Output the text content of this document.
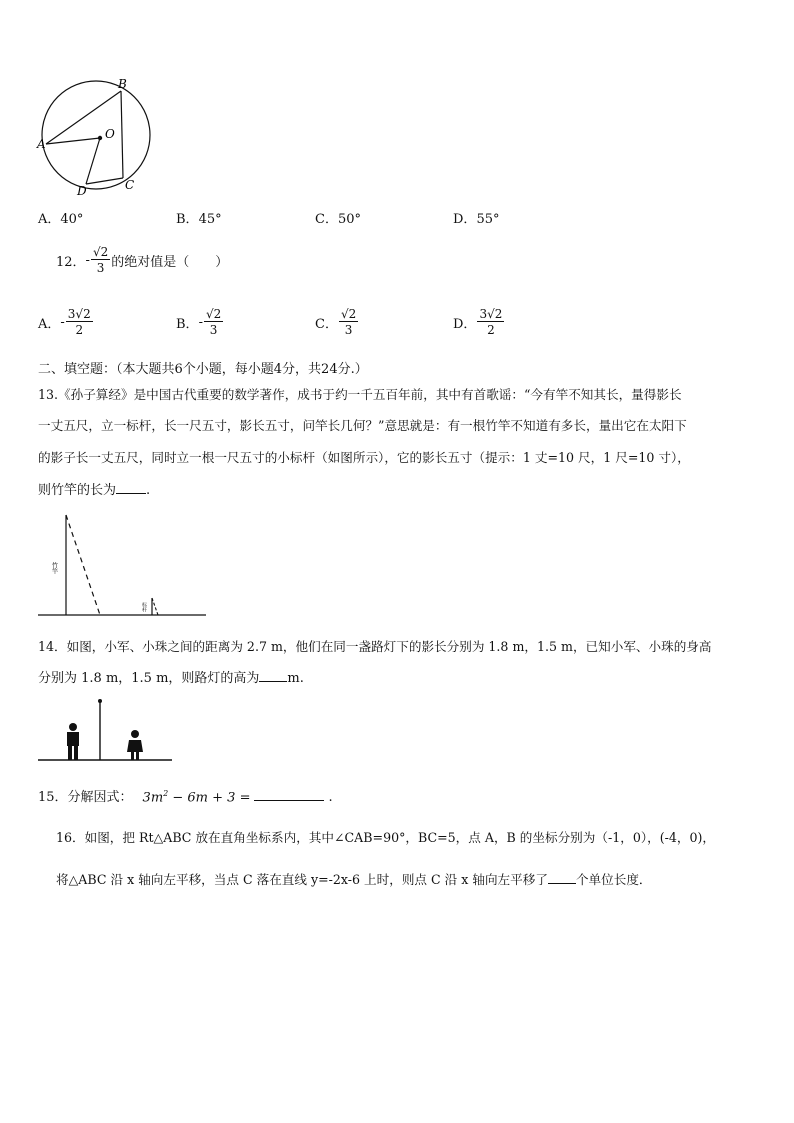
A
B
O
C
D
A．40°	B．45°	C．50°	D．55°
12． - $\frac{√2}{3}$ 的绝对值是（　　）
A． - $\frac{3√2}{2}$	B． - $\frac{√2}{3}$	C． $\frac{√2}{3}$	D． $\frac{3√2}{2}$
二、填空题：（本大题共6个小题，每小题4分，共24分.）
13.《孙子算经》是中国古代重要的数学著作，成书于约一千五百年前，其中有首歌谣：“今有竿不知其长，量得影长
一丈五尺，立一标杆，长一尺五寸，影长五寸，问竿长几何？”意思就是：有一根竹竿不知道有多长，量出它在太阳下
的影子长一丈五尺，同时立一根一尺五寸的小标杆（如图所示），它的影长五寸（提示：1 丈=10 尺，1 尺=10 寸），
则竹竿的长为 .
竹竿
标杆
14．如图，小军、小珠之间的距离为 2.7 m，他们在同一盏路灯下的影长分别为 1.8 m，1.5 m，已知小军、小珠的身高
分别为 1.8 m，1.5 m，则路灯的高为 m.
15．分解因式： $3m^2 - 6m + 3$ =	.
16．如图，把 Rt△ABC 放在直角坐标系内，其中∠CAB=90°，BC=5，点 A，B 的坐标分别为（-1，0），(-4，0)，
将△ABC 沿 x 轴向左平移，当点 C 落在直线 y=-2x-6 上时，则点 C 沿 x 轴向左平移了 个单位长度．
